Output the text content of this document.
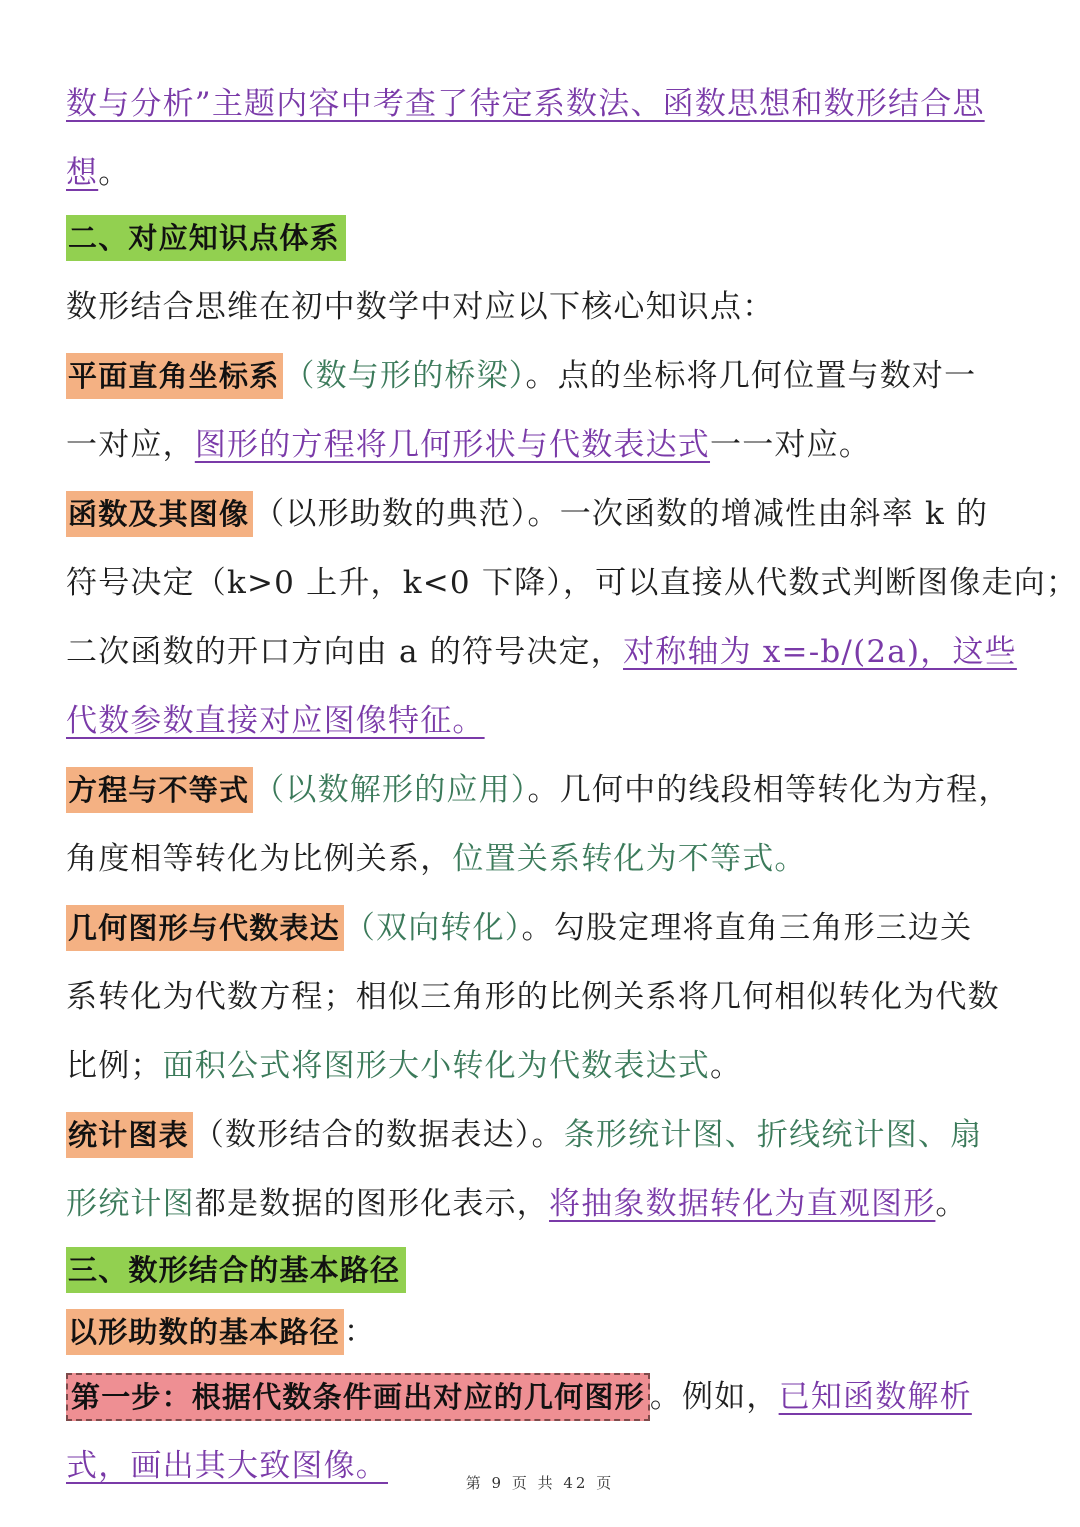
数与分析”主题内容中考查了待定系数法、函数思想和数形结合思
想。
二、对应知识点体系
数形结合思维在初中数学中对应以下核心知识点：
平面直角坐标系 （数与形的桥梁）。点的坐标将几何位置与数对一
一对应，图形的方程将几何形状与代数表达式一一对应。
函数及其图像 （以形助数的典范）。一次函数的增减性由斜率 k 的
符号决定（k>0 上升，k<0 下降），可以直接从代数式判断图像走向；
二次函数的开口方向由 a 的符号决定，对称轴为 x=-b/(2a)，这些
代数参数直接对应图像特征。
方程与不等式 （以数解形的应用）。几何中的线段相等转化为方程，
角度相等转化为比例关系，位置关系转化为不等式。
几何图形与代数表达 （双向转化）。勾股定理将直角三角形三边关
系转化为代数方程；相似三角形的比例关系将几何相似转化为代数
比例；面积公式将图形大小转化为代数表达式。
统计图表 （数形结合的数据表达）。条形统计图、折线统计图、扇
形统计图都是数据的图形化表示，将抽象数据转化为直观图形。
三、数形结合的基本路径
以形助数的基本路径 ：
第一步：根据代数条件画出对应的几何图形 。例如，已知函数解析
式，画出其大致图像。	第 9 页 共 42 页
